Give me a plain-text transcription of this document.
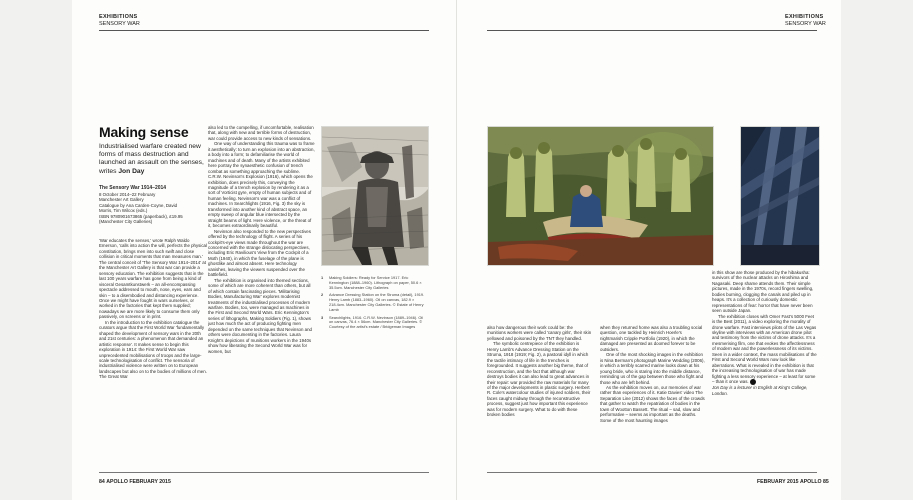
EXHIBITIONS
SENSORY WAR
Making sense
Industrialised warfare created new forms of mass destruction and launched an assault on the senses, writes Jon Day
The Sensory War 1914–2014
8 October 2014–22 February
Manchester Art Gallery
Catalogue by Ana Carden-Coyne, David
Morris, Tim Wilcox (eds.)
ISBN 9780901673865 (paperback), £19.95
(Manchester City Galleries)

'War educates the senses,' wrote Ralph Waldo Emerson, 'calls into action the will, perfects the physical constitution, brings men into such swift and close collision in critical moments that man measures man.' The central conceit of 'The Sensory War 1914–2014' at the Manchester Art Gallery is that war can provide a sensory education. The exhibition suggests that in the last 100 years warfare has gone from being a kind of visceral Gesamtkunstwerk – an all-encompassing spectacle addressed to mouth, nose, eyes, ears and skin – to a disembodied and distancing experience. Once we might have fought in wars ourselves, or worked in the factories that kept them supplied; nowadays we are more likely to consume them only passively, on screens or in print.

In the introduction to the exhibition catalogue the curators argue that the First World War 'fundamentally shaped the development of sensory wars in the 20th and 21st centuries: a phenomenon that demanded an artistic response'. It makes sense to begin this exploration in 1914: the First World War saw unprecedented mobilisations of troops and the large-scale technologisation of conflict. The sensoria of industrialised violence were written on to European landscapes but also on to the bodies of millions of men. The Great War

also led to the compelling, if uncomfortable, realisation that, along with new and terrible forms of destruction, war could provide access to new kinds of sensations.

One way of understanding this trauma was to frame it aesthetically: to turn an explosion into an abstraction, a body into a form; to defamiliarise the world of machines and of death. Many of the artists exhibited here portray the synaesthetic confusion of trench combat as something approaching the sublime. C.R.W. Nevinson's Explosion (1916), which opens the exhibition, does precisely this, conveying the magnitude of a trench explosion by rendering it as a sort of Vorticist gyre, empty of human subjects and of human feeling. Nevinson's war was a conflict of machines. In Searchlights (1916, Fig. 3) the sky is transformed into another kind of abstract space, an empty sweep of angular blue intersected by the straight beams of light. Here violence, or the threat of it, becomes extraordinarily beautiful.

Nevinson also responded to the new perspectives offered by the technology of flight. A series of his cockpit's-eye views made throughout the war are concerned with the strange dislocating perspectives, including Eric Ravilious's View from the Cockpit of a Moth (1940), in which the fuselage of the plane is ghostlike and almost absent. Here technology vanishes, leaving the viewers suspended over the battlefield.

The exhibition is organised into themed sections, some of which are more coherent than others, but all of which contain fascinating pieces. 'Militarising Bodies, Manufacturing War' explores modernist treatments of the industrialised processes of modern warfare. Bodies, too, were managed as machines in the First and Second World Wars. Eric Kennington's series of lithographs, Making Soldiers (Fig. 1), shows just how much the act of producing fighting men depended on the same techniques that Nevinson and others were documenting in the factories. Laura Knight's depictions of munitions workers in the 1940s show how liberating the Second World War was for women, but

1 Making Soldiers: Ready for Service 1917. Eric Kennington (1888–1960). Lithograph on paper, 50.6 × 35.5cm. Manchester City Galleries
2 Advance Dressing Station on the Struma (detail), 1919. Henry Lamb (1883–1960). Oil on canvas, 182.9 × 218.4cm. Manchester City Galleries. © Estate of Henry Lamb
3 Searchlights, 1916. C.R.W. Nevinson (1889–1946). Oil on canvas, 76.4 × 56cm. Manchester City Galleries. © Courtesy of the artist's estate / Bridgeman Images
84 APOLLO FEBRUARY 2015
EXHIBITIONS
SENSORY WAR

also how dangerous their work could be: the munitions workers were called 'canary girls', their skin yellowed and poisoned by the TNT they handled.

The symbolic centrepiece of the exhibition is Henry Lamb's Advance Dressing Station on the Struma, 1918 (1919; Fig. 2), a pastoral idyll in which the tactile intimacy of life in the trenches is foregrounded. It suggests another big theme, that of reconstruction, and the fact that although war destroys bodies it can also lead to great advances in their repair: war provided the raw materials for many of the major developments in plastic surgery. Herbert R. Cole's watercolour studies of injured soldiers, their faces caught midway through the reconstructive process, suggest just how important this experience was for modern surgery. What to do with these broken bodies

when they returned home was also a troubling social question, one tackled by Heinrich Hoerle's nightmarish Cripple Portfolio (1920), in which the damaged are presented as doomed forever to be outsiders.

One of the most shocking images in the exhibition is Nina Berman's photograph Marine Wedding (2006), in which a terribly scarred marine looks down at his young bride, who is staring into the middle distance, reminding us of the gap between those who fight and those who are left behind.

As the exhibition moves on, our memories of war rather than experiences of it. Katie Davies' video The Separation Line (2012) shows the faces of the crowds that gather to watch the repatriation of bodies in the town of Wootton Bassett. The ritual – sad, slow and performative – seems as important as the deaths. Some of the most haunting images

in this show are those produced by the hibakusha: survivors of the nuclear attacks on Hiroshima and Nagasaki. Deep shame attends them. Their simple pictures, made in the 1970s, record fingers swelling, bodies burning, clogging the canals and piled up in heaps. It's a collection of curiously domestic representations of fear: horror that have never been seen outside Japan.

The exhibition closes with Omer Fast's 5000 Feet is the Best (2011), a video exploring the morality of drone warfare. Fast interviews pilots of the Las Vegas skyline with interviews with an American drone pilot and testimony from the victims of drone attacks. It's a mesmerising film, one that evokes the affectlessness of modern war and the powerlessness of its victims. Seen in a wider context, the mass mobilisations of the First and Second World Wars now look like aberrations. What is revealed in the exhibition is that the increasing technologisation of war has made fighting a less sensory experience – at least for some – than it once was. A

Jon Day is a lecturer in English at King's College, London.

FEBRUARY 2015 APOLLO 85
